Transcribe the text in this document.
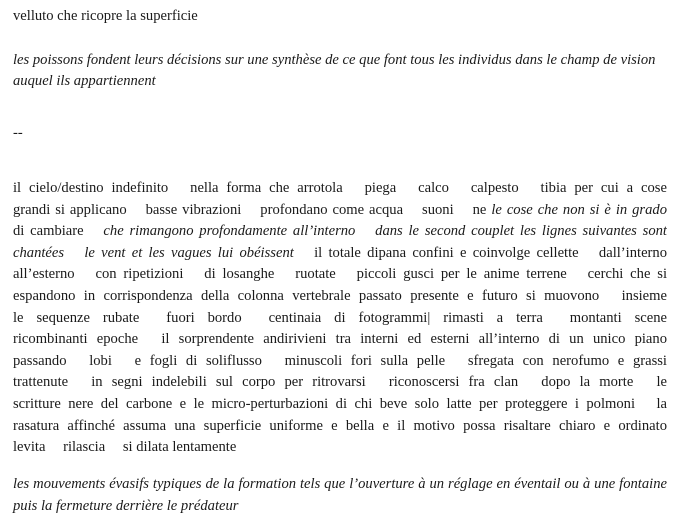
velluto che ricopre la superficie
les poissons fondent leurs décisions sur une synthèse de ce que font tous les individus dans le champ de vision
auquel ils appartiennent
--
il cielo/destino indefinito nella forma che arrotola piega calco calpesto tibia per cui a cose
grandi si applicano basse vibrazioni profondano come acqua suoni ne le cose che non si è in grado
di cambiare che rimangono profondamente all’interno dans le second couplet les lignes suivantes sont
chantées le vent et les vagues lui obéissent il totale dipana confini e coinvolge cellette dall’interno
all’esterno con ripetizioni di losanghe ruotate piccoli gusci per le anime terrene cerchi che si
espandono in corrispondenza della colonna vertebrale passato presente e futuro si muovono insieme
le sequenze rubate fuori bordo centinaia di fotogrammi| rimasti a terra montanti scene
ricombinanti epoche il sorprendente andirivieni tra interni ed esterni all’interno di un unico piano
passando lobi e fogli di soliflusso minuscoli fori sulla pelle sfregata con nerofumo e grassi
trattenute in segni indelebili sul corpo per ritrovarsi riconoscersi fra clan dopo la morte le
scritture nere del carbone e le micro-perturbazioni di chi beve solo latte per proteggere i polmoni la
rasatura affinché assuma una superficie uniforme e bella e il motivo possa risaltare chiaro e ordinato
levita rilascia si dilata lentamente
les mouvements évasifs typiques de la formation tels que l’ouverture à un réglage en éventail ou à une fontaine
puis la fermeture derrière le prédateur
